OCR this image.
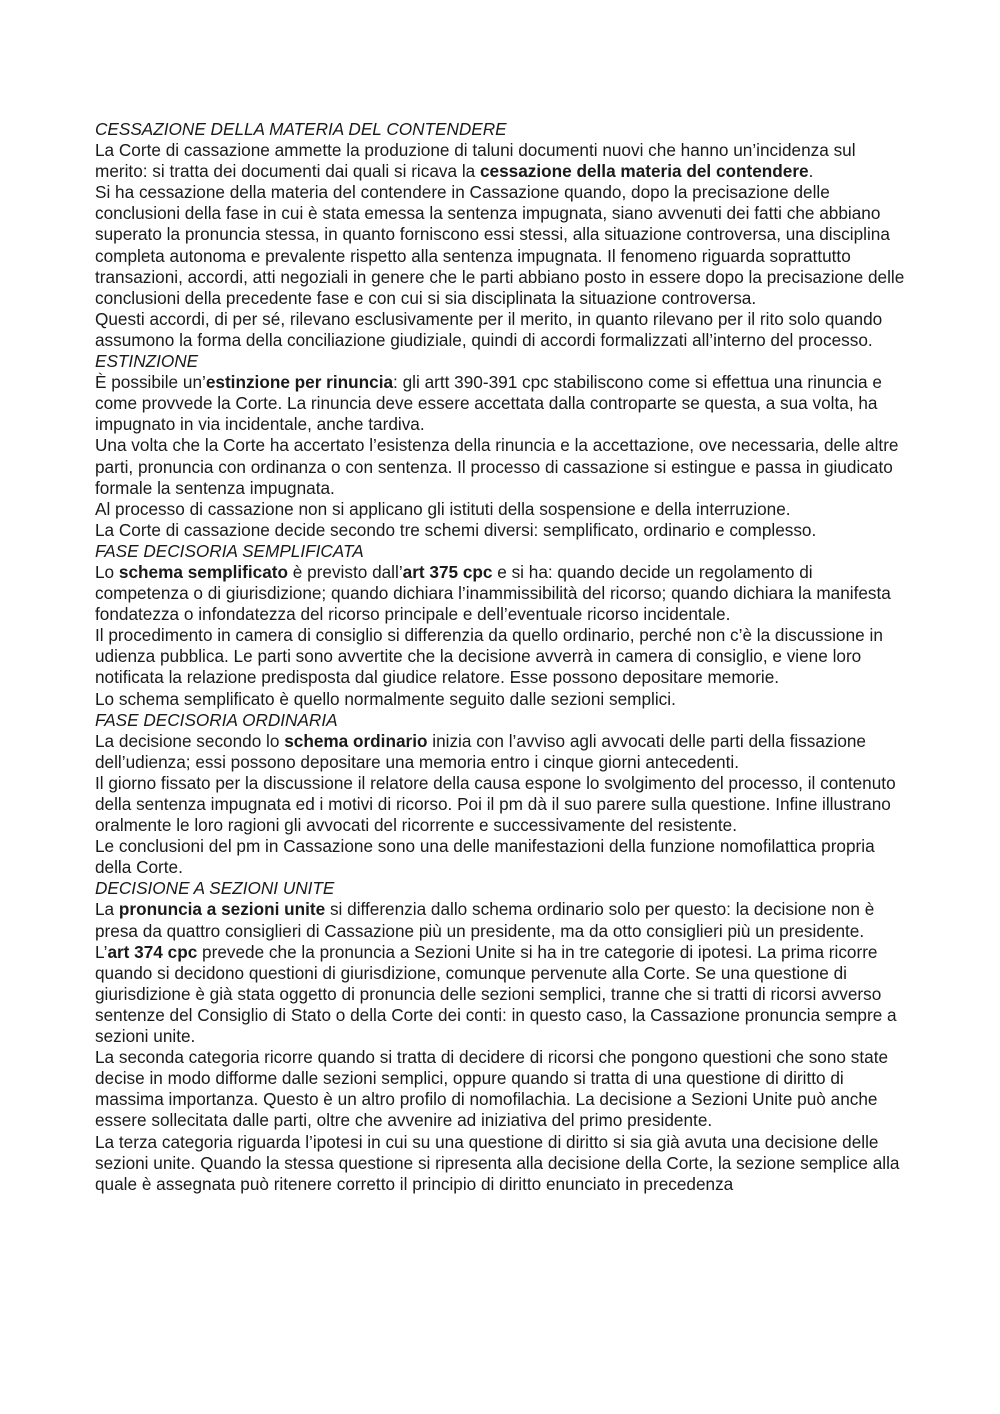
CESSAZIONE DELLA MATERIA DEL CONTENDERE

La Corte di cassazione ammette la produzione di taluni documenti nuovi che hanno un’incidenza sul merito: si tratta dei documenti dai quali si ricava la cessazione della materia del contendere.

Si ha cessazione della materia del contendere in Cassazione quando, dopo la precisazione delle conclusioni della fase in cui è stata emessa la sentenza impugnata, siano avvenuti dei fatti che abbiano superato la pronuncia stessa, in quanto forniscono essi stessi, alla situazione controversa, una disciplina completa autonoma e prevalente rispetto alla sentenza impugnata. Il fenomeno riguarda soprattutto transazioni, accordi, atti negoziali in genere che le parti abbiano posto in essere dopo la precisazione delle conclusioni della precedente fase e con cui si sia disciplinata la situazione controversa.

Questi accordi, di per sé, rilevano esclusivamente per il merito, in quanto rilevano per il rito solo quando assumono la forma della conciliazione giudiziale, quindi di accordi formalizzati all’interno del processo.

ESTINZIONE

È possibile un’estinzione per rinuncia: gli artt 390-391 cpc stabiliscono come si effettua una rinuncia e come provvede la Corte. La rinuncia deve essere accettata dalla controparte se questa, a sua volta, ha impugnato in via incidentale, anche tardiva.

Una volta che la Corte ha accertato l’esistenza della rinuncia e la accettazione, ove necessaria, delle altre parti, pronuncia con ordinanza o con sentenza. Il processo di cassazione si estingue e passa in giudicato formale la sentenza impugnata.

Al processo di cassazione non si applicano gli istituti della sospensione e della interruzione.

La Corte di cassazione decide secondo tre schemi diversi: semplificato, ordinario e complesso.

FASE DECISORIA SEMPLIFICATA

Lo schema semplificato è previsto dall’art 375 cpc e si ha: quando decide un regolamento di competenza o di giurisdizione; quando dichiara l’inammissibilità del ricorso; quando dichiara la manifesta fondatezza o infondatezza del ricorso principale e dell’eventuale ricorso incidentale.

Il procedimento in camera di consiglio si differenzia da quello ordinario, perché non c’è la discussione in udienza pubblica. Le parti sono avvertite che la decisione avverrà in camera di consiglio, e viene loro notificata la relazione predisposta dal giudice relatore. Esse possono depositare memorie.

Lo schema semplificato è quello normalmente seguito dalle sezioni semplici.

FASE DECISORIA ORDINARIA

La decisione secondo lo schema ordinario inizia con l’avviso agli avvocati delle parti della fissazione dell’udienza; essi possono depositare una memoria entro i cinque giorni antecedenti.

Il giorno fissato per la discussione il relatore della causa espone lo svolgimento del processo, il contenuto della sentenza impugnata ed i motivi di ricorso. Poi il pm dà il suo parere sulla questione. Infine illustrano oralmente le loro ragioni gli avvocati del ricorrente e successivamente del resistente.

Le conclusioni del pm in Cassazione sono una delle manifestazioni della funzione nomofilattica propria della Corte.

DECISIONE A SEZIONI UNITE

La pronuncia a sezioni unite si differenzia dallo schema ordinario solo per questo: la decisione non è presa da quattro consiglieri di Cassazione più un presidente, ma da otto consiglieri più un presidente.

L’art 374 cpc prevede che la pronuncia a Sezioni Unite si ha in tre categorie di ipotesi. La prima ricorre quando si decidono questioni di giurisdizione, comunque pervenute alla Corte. Se una questione di giurisdizione è già stata oggetto di pronuncia delle sezioni semplici, tranne che si tratti di ricorsi avverso sentenze del Consiglio di Stato o della Corte dei conti: in questo caso, la Cassazione pronuncia sempre a sezioni unite.

La seconda categoria ricorre quando si tratta di decidere di ricorsi che pongono questioni che sono state decise in modo difforme dalle sezioni semplici, oppure quando si tratta di una questione di diritto di massima importanza. Questo è un altro profilo di nomofilachia. La decisione a Sezioni Unite può anche essere sollecitata dalle parti, oltre che avvenire ad iniziativa del primo presidente.

La terza categoria riguarda l’ipotesi in cui su una questione di diritto si sia già avuta una decisione delle sezioni unite. Quando la stessa questione si ripresenta alla decisione della Corte, la sezione semplice alla quale è assegnata può ritenere corretto il principio di diritto enunciato in precedenza
